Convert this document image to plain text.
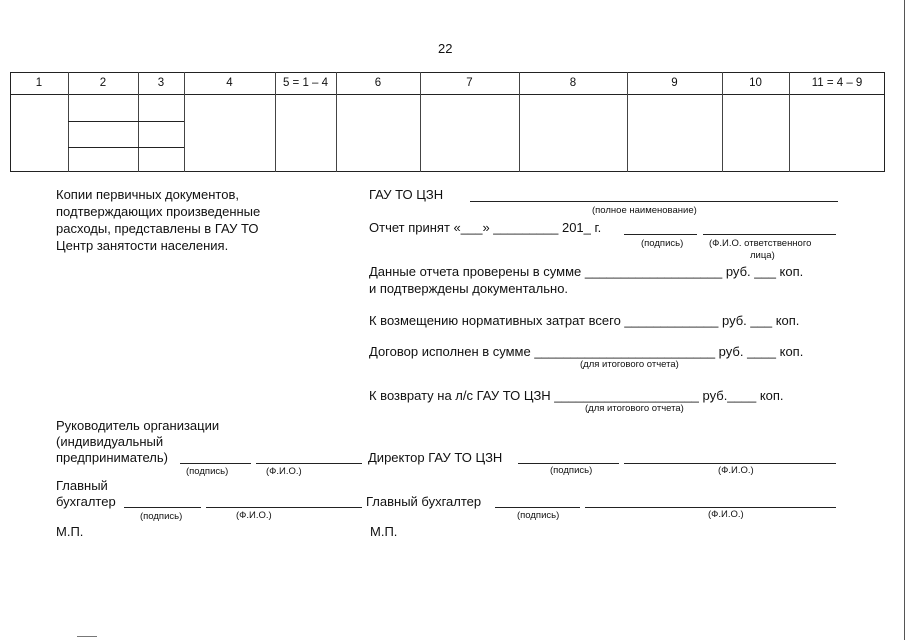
22
1	2	3	4	5 = 1 – 4	6	7	8	9	10	11 = 4 – 9
Копии первичных документов,
подтверждающих произведенные
расходы, представлены в ГАУ ТО
Центр занятости населения.
ГАУ ТО ЦЗН
(полное наименование)
Отчет принят «___» _________ 201_ г.
(подпись)	(Ф.И.О. ответственного
лица)
Данные отчета проверены в сумме ___________________ руб. ___ коп.
и подтверждены документально.
К возмещению нормативных затрат всего _____________ руб. ___ коп.
Договор исполнен в сумме _________________________ руб. ____ коп.
(для итогового отчета)
К возврату на л/с ГАУ ТО ЦЗН ____________________ руб.____ коп.
(для итогового отчета)
Руководитель организации
(индивидуальный
предприниматель)
(подпись)	(Ф.И.О.)
Директор ГАУ ТО ЦЗН
(подпись)	(Ф.И.О.)
Главный
бухгалтер
(подпись)	(Ф.И.О.)
Главный бухгалтер
(подпись)	(Ф.И.О.)
М.П.	М.П.
